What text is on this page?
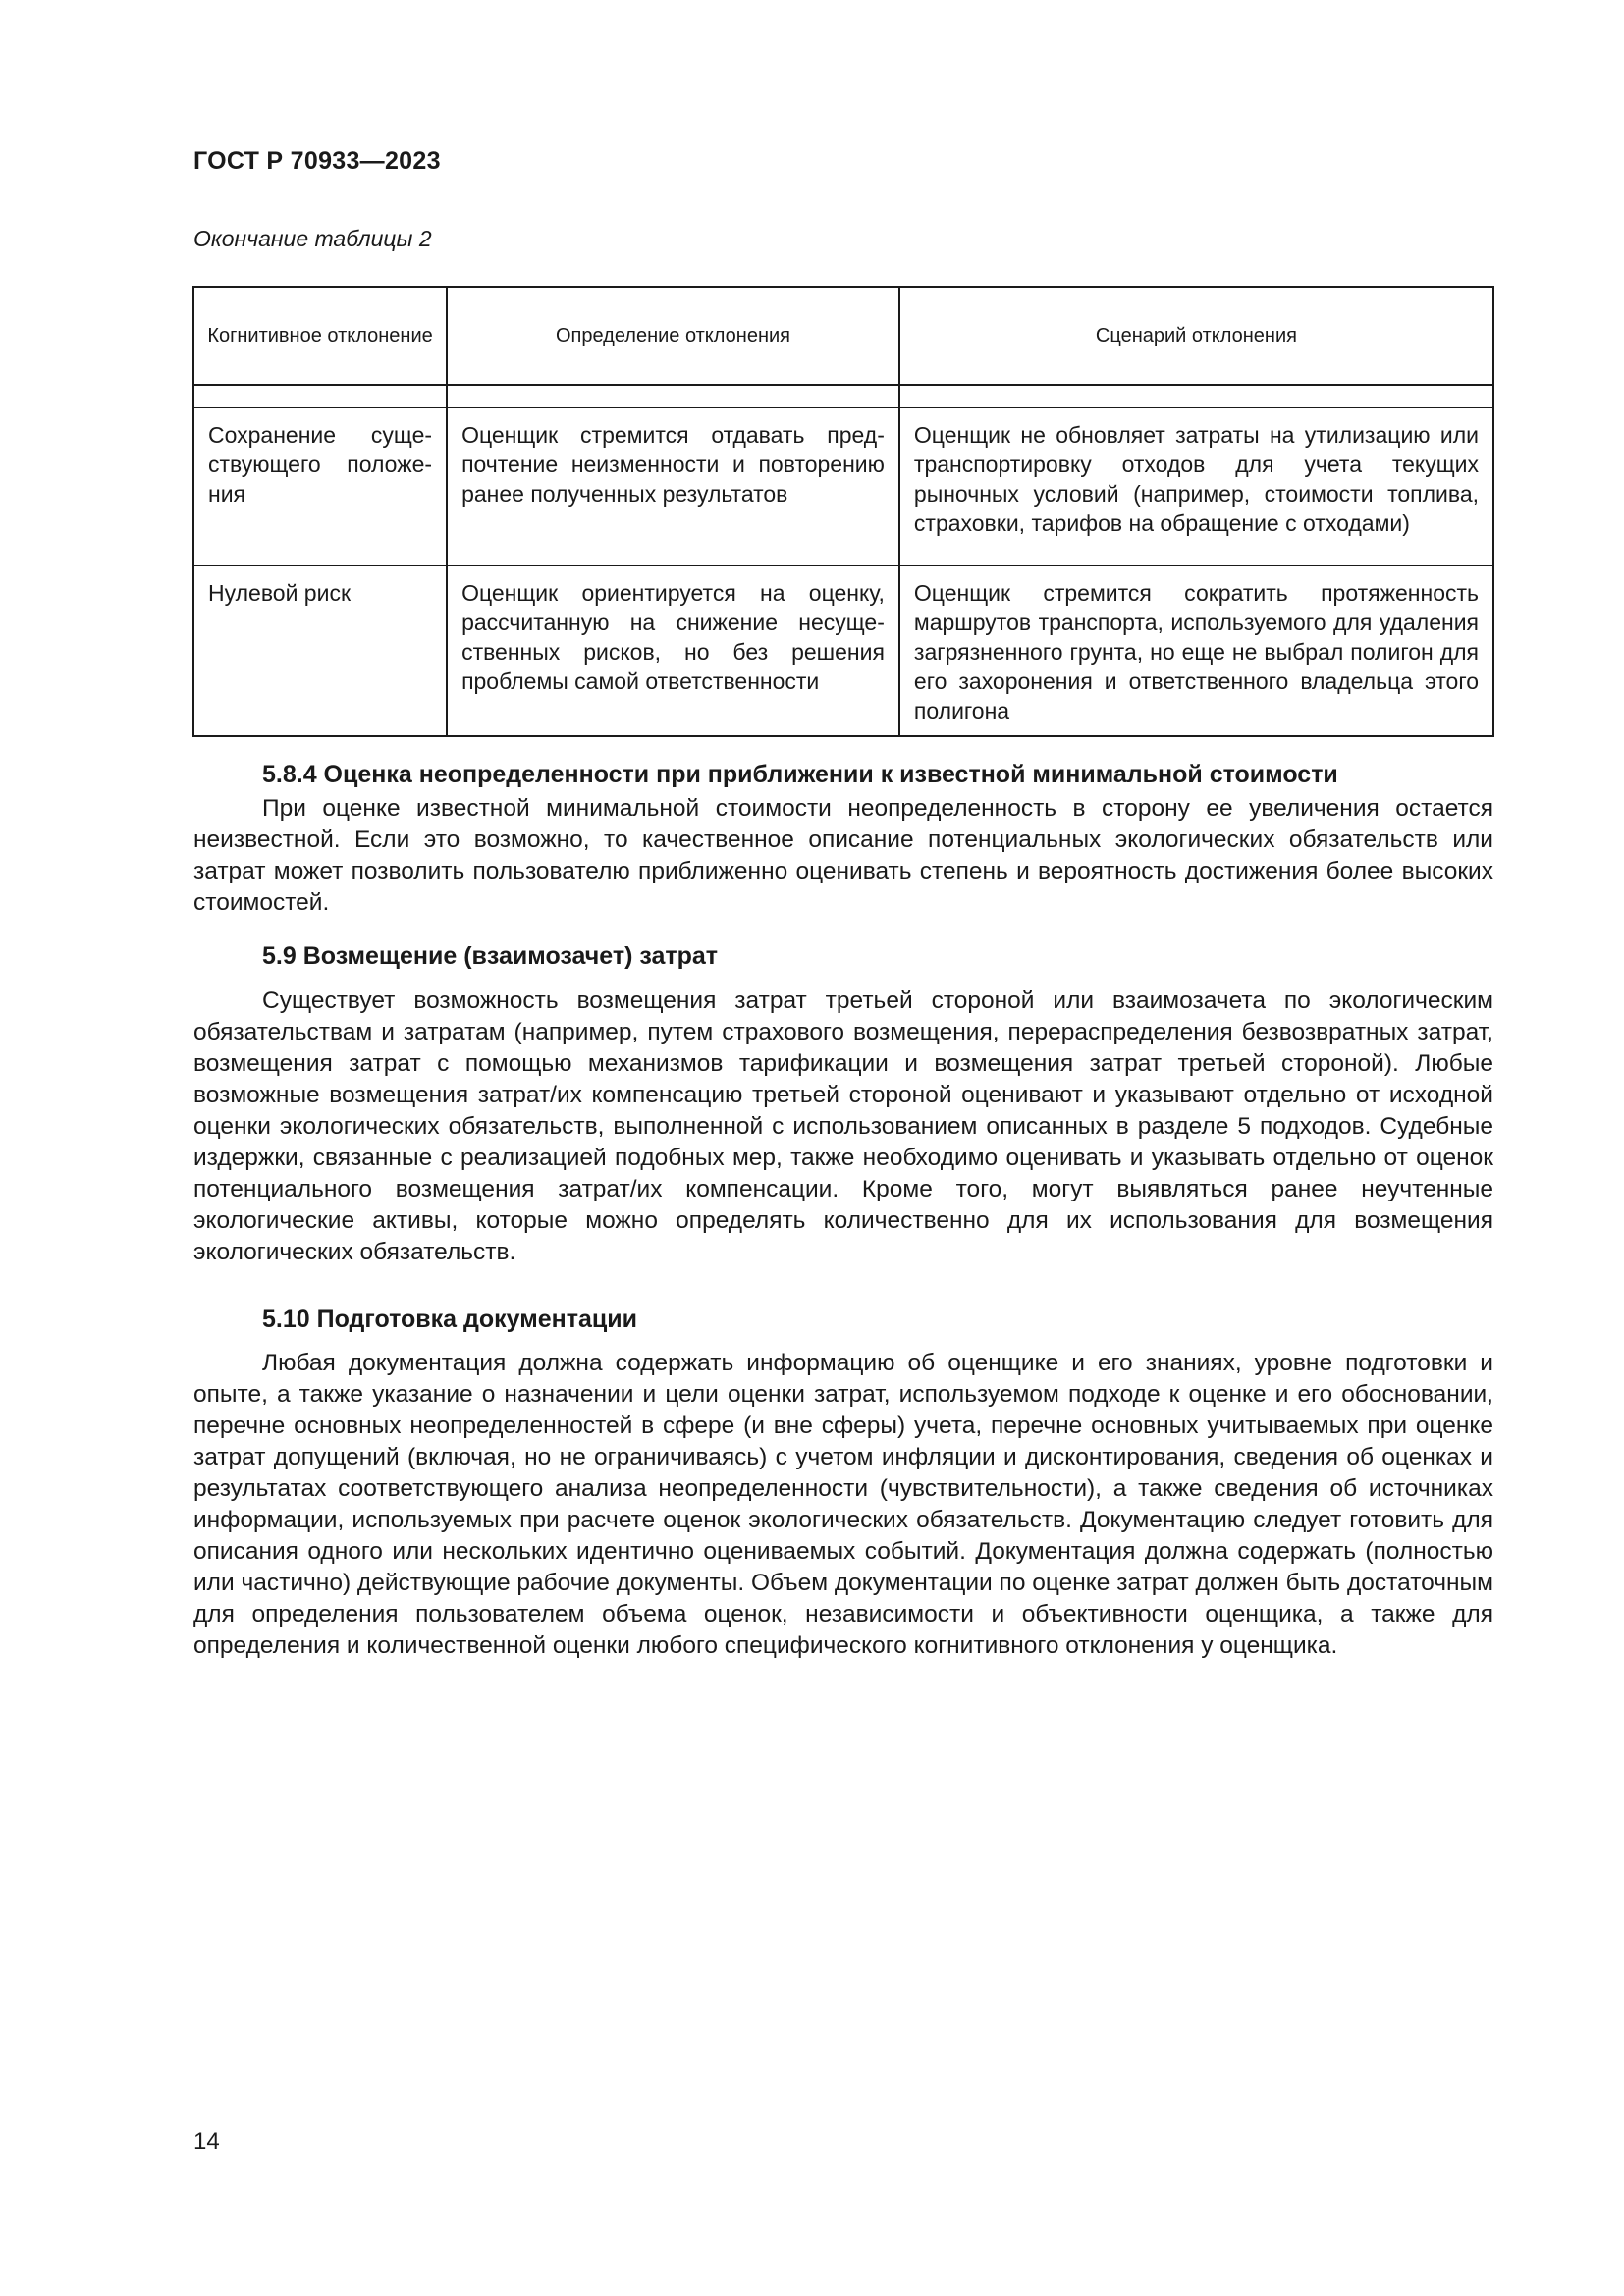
ГОСТ Р 70933—2023
Окончание таблицы 2
Когнитивное отклонение	Определение отклонения	Сценарий отклонения

Сохранение существующего положения	Оценщик стремится отдавать предпочтение неизменности и повторению ранее полученных результатов	Оценщик не обновляет затраты на утилизацию или транспортировку отходов для учета текущих рыночных условий (например, стоимости топлива, страховки, тарифов на обращение с отходами)
Нулевой риск	Оценщик ориентируется на оценку, рассчитанную на снижение несущественных рисков, но без решения проблемы самой ответственности	Оценщик стремится сократить протяженность маршрутов транспорта, используемого для удаления загрязненного грунта, но еще не выбрал полигон для его захоронения и ответственного владельца этого полигона
5.8.4 Оценка неопределенности при приближении к известной минимальной стоимости

При оценке известной минимальной стоимости неопределенность в сторону ее увеличения остается неизвестной. Если это возможно, то качественное описание потенциальных экологических обязательств или затрат может позволить пользователю приближенно оценивать степень и вероятность достижения более высоких стоимостей.

5.9 Возмещение (взаимозачет) затрат

Существует возможность возмещения затрат третьей стороной или взаимозачета по экологическим обязательствам и затратам (например, путем страхового возмещения, перераспределения безвозвратных затрат, возмещения затрат с помощью механизмов тарификации и возмещения затрат третьей стороной). Любые возможные возмещения затрат/их компенсацию третьей стороной оценивают и указывают отдельно от исходной оценки экологических обязательств, выполненной с использованием описанных в разделе 5 подходов. Судебные издержки, связанные с реализацией подобных мер, также необходимо оценивать и указывать отдельно от оценок потенциального возмещения затрат/их компенсации. Кроме того, могут выявляться ранее неучтенные экологические активы, которые можно определять количественно для их использования для возмещения экологических обязательств.

5.10 Подготовка документации

Любая документация должна содержать информацию об оценщике и его знаниях, уровне подготовки и опыте, а также указание о назначении и цели оценки затрат, используемом подходе к оценке и его обосновании, перечне основных неопределенностей в сфере (и вне сферы) учета, перечне основных учитываемых при оценке затрат допущений (включая, но не ограничиваясь) с учетом инфляции и дисконтирования, сведения об оценках и результатах соответствующего анализа неопределенности (чувствительности), а также сведения об источниках информации, используемых при расчете оценок экологических обязательств. Документацию следует готовить для описания одного или нескольких идентично оцениваемых событий. Документация должна содержать (полностью или частично) действующие рабочие документы. Объем документации по оценке затрат должен быть достаточным для определения пользователем объема оценок, независимости и объективности оценщика, а также для определения и количественной оценки любого специфического когнитивного отклонения у оценщика.

14
